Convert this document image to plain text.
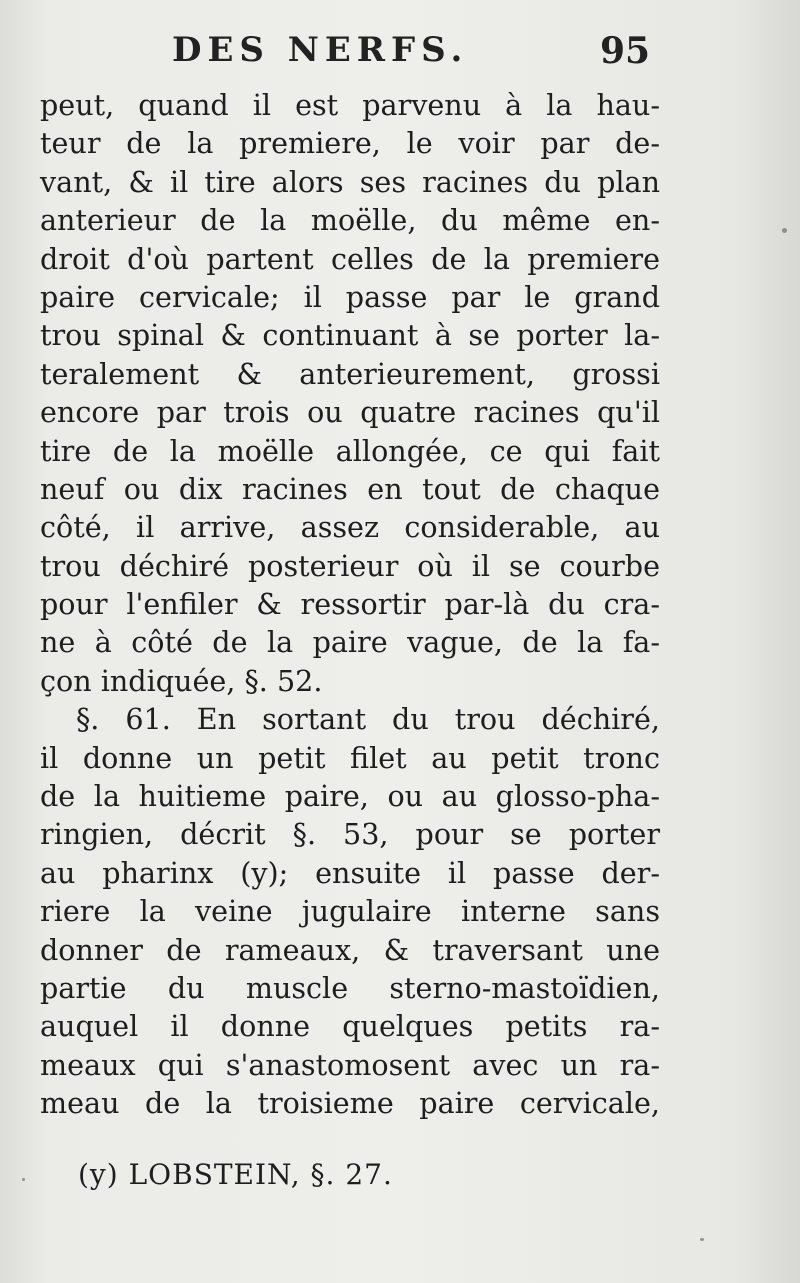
DES NERFS.	95
peut, quand il est parvenu à la hau-
teur de la premiere, le voir par de-
vant, & il tire alors ses racines du plan
anterieur de la moëlle, du même en-
droit d'où partent celles de la premiere
paire cervicale; il passe par le grand
trou spinal & continuant à se porter la-
teralement & anterieurement, grossi
encore par trois ou quatre racines qu'il
tire de la moëlle allongée, ce qui fait
neuf ou dix racines en tout de chaque
côté, il arrive, assez considerable, au
trou déchiré posterieur où il se courbe
pour l'enfiler & ressortir par-là du cra-
ne à côté de la paire vague, de la fa-
çon indiquée, §. 52.
§. 61. En sortant du trou déchiré,
il donne un petit filet au petit tronc
de la huitieme paire, ou au glosso-pha-
ringien, décrit §. 53, pour se porter
au pharinx (y); ensuite il passe der-
riere la veine jugulaire interne sans
donner de rameaux, & traversant une
partie du muscle sterno-mastoïdien,
auquel il donne quelques petits ra-
meaux qui s'anastomosent avec un ra-
meau de la troisieme paire cervicale,
(y) LOBSTEIN, §. 27.
